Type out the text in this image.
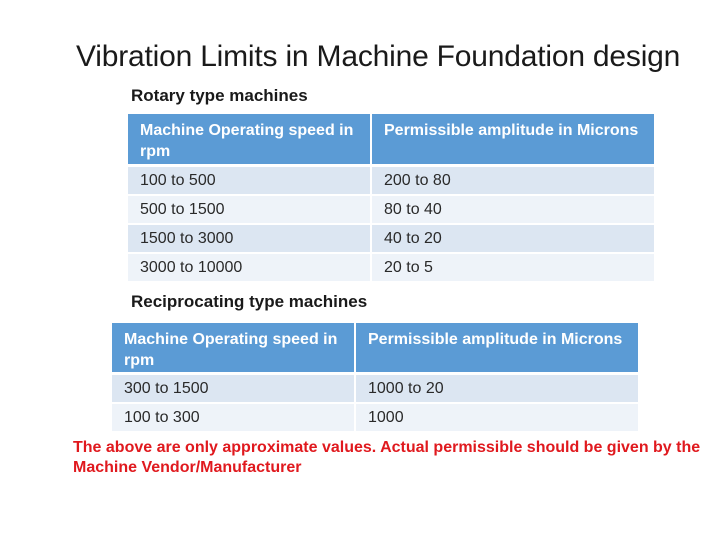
Vibration Limits in Machine Foundation design
Rotary type machines
Machine Operating speed in rpm	Permissible amplitude in Microns
100 to 500	200 to 80
500 to 1500	80 to 40
1500 to 3000	40 to 20
3000 to 10000	20 to 5
Reciprocating type machines
Machine Operating speed in rpm	Permissible amplitude in Microns
300 to 1500	1000 to 20
100 to 300	1000
The above are only approximate values. Actual permissible should be given by the Machine Vendor/Manufacturer
